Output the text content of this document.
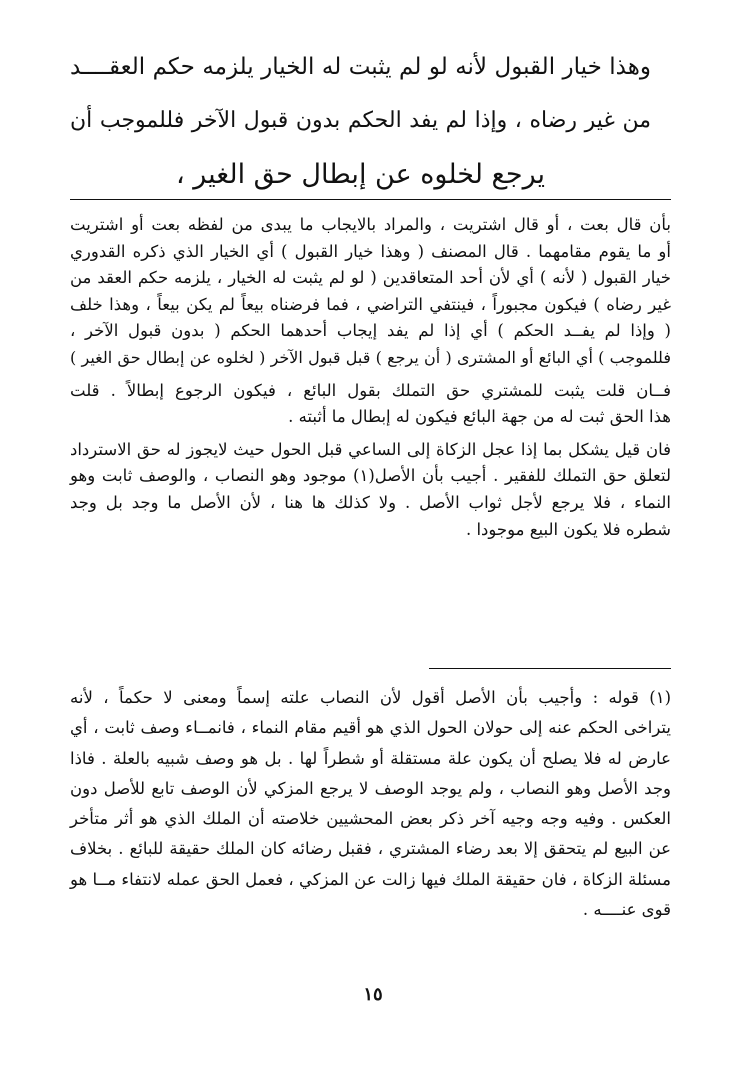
وهذا خيار القبول لأنه لو لم يثبت له الخيار يلزمه حكم العقــــد
من غير رضاه ، وإذا لم يفد الحكم بدون قبول الآخر فللموجب أن
يرجع لخلوه عن إبطال حق الغير ،
بأن قال بعت ، أو قال اشتريت ، والمراد بالايجاب ما يبدى من لفظه بعت أو اشتريت
أو ما يقوم مقامهما . قال المصنف ( وهذا خيار القبول ) أي الخيار الذي ذكره القدوري
خيار القبول ( لأنه ) أي لأن أحد المتعاقدين ( لو لم يثبت له الخيار ، يلزمه حكم العقد من
غير رضاه ) فيكون مجبوراً ، فينتفي التراضي ، فما فرضناه بيعاً لم يكن بيعاً ، وهذا خلف
( وإذا لم يفــد الحكم ) أي إذا لم يفد إيجاب أحدهما الحكم ( بدون قبول الآخر ،
فللموجب ) أي البائع أو المشترى ( أن يرجع ) قبل قبول الآخر ( لخلوه عن إبطال حق الغير )
فــان قلت يثبت للمشتري حق التملك بقول البائع ، فيكون الرجوع إبطالاً . قلت
هذا الحق ثبت له من جهة البائع فيكون له إبطال ما أثبته .
فان قيل يشكل بما إذا عجل الزكاة إلى الساعي قبل الحول حيث لايجوز له حق الاسترداد
لتعلق حق التملك للفقير . أجيب بأن الأصل(١) موجود وهو النصاب ، والوصف ثابت وهو
النماء ، فلا يرجع لأجل ثواب الأصل . ولا كذلك ها هنا ، لأن الأصل ما وجد بل وجد
شطره فلا يكون البيع موجودا .
(١) قوله : وأجيب بأن الأصل أقول لأن النصاب علته إسماً ومعنى لا حكماً ، لأنه
يتراخى الحكم عنه إلى حولان الحول الذي هو أقيم مقام النماء ، فانمــاء وصف ثابت ، أي
عارض له فلا يصلح أن يكون علة مستقلة أو شطراً لها . بل هو وصف شبيه بالعلة . فاذا
وجد الأصل وهو النصاب ، ولم يوجد الوصف لا يرجع المزكي لأن الوصف تابع للأصل دون
العكس . وفيه وجه وجيه آخر ذكر بعض المحشيين خلاصته أن الملك الذي هو أثر متأخر
عن البيع لم يتحقق إلا بعد رضاء المشتري ، فقبل رضائه كان الملك حقيقة للبائع . بخلاف
مسئلة الزكاة ، فان حقيقة الملك فيها زالت عن المزكي ، فعمل الحق عمله لانتفاء مــا هو
قوى عنــــه .
١٥
